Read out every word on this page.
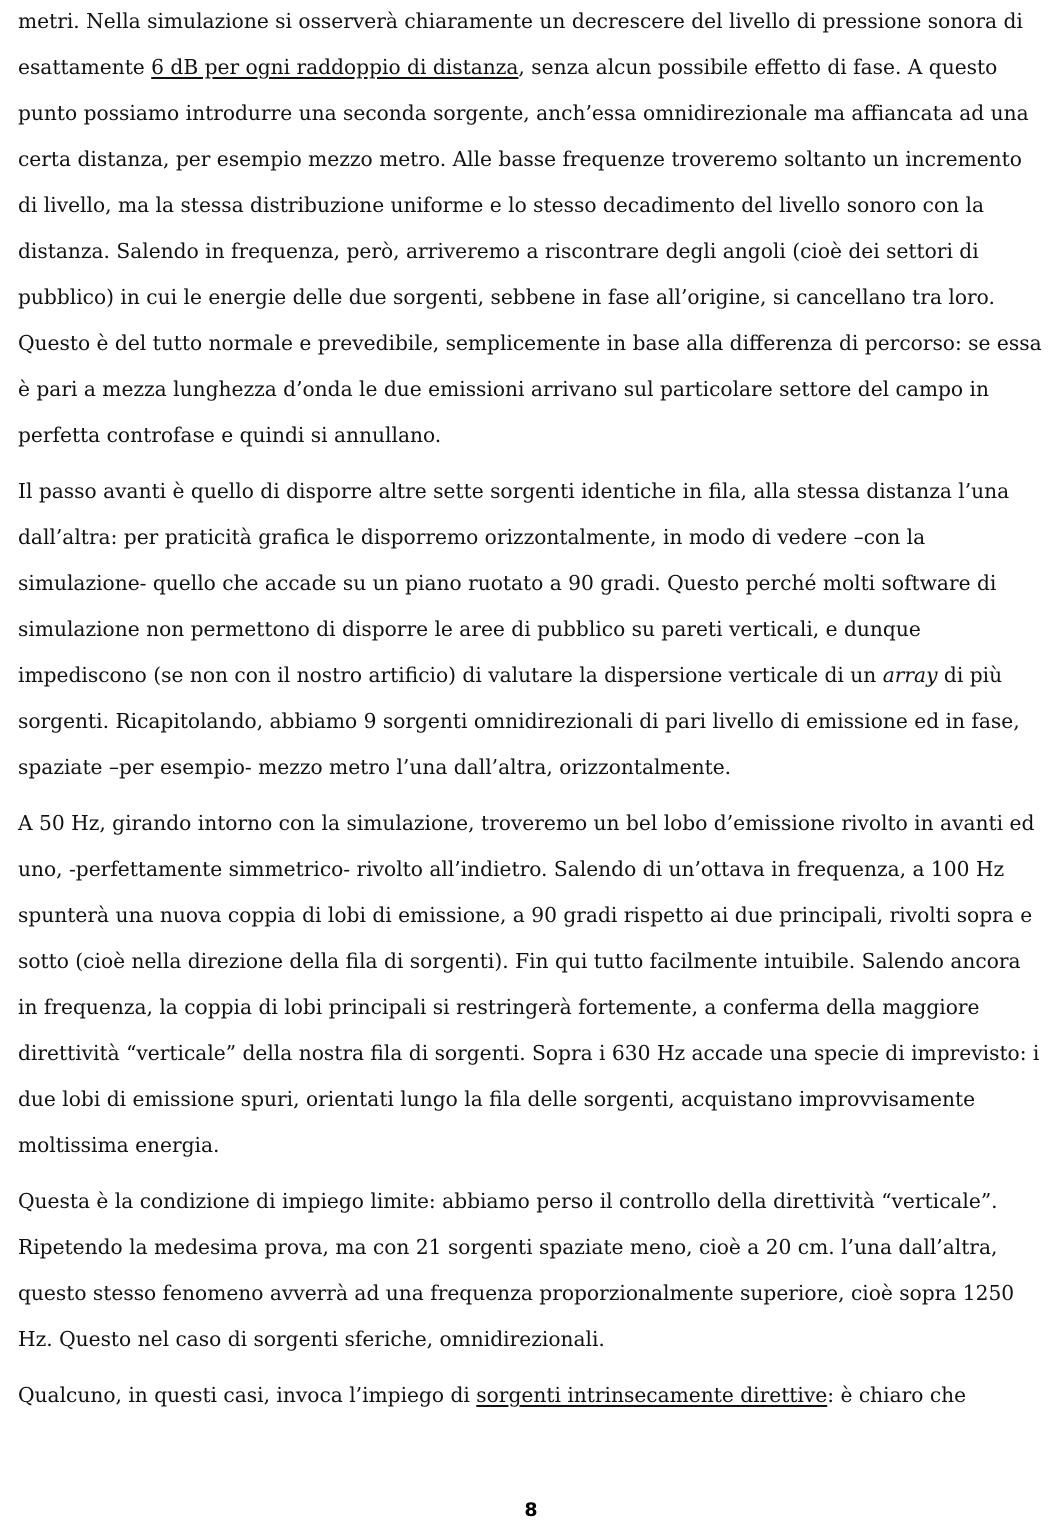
metri. Nella simulazione si osserverà chiaramente un decrescere del livello di pressione sonora di esattamente 6 dB per ogni raddoppio di distanza, senza alcun possibile effetto di fase. A questo punto possiamo introdurre una seconda sorgente, anch’essa omnidirezionale ma affiancata ad una certa distanza, per esempio mezzo metro. Alle basse frequenze troveremo soltanto un incremento di livello, ma la stessa distribuzione uniforme e lo stesso decadimento del livello sonoro con la distanza. Salendo in frequenza, però, arriveremo a riscontrare degli angoli (cioè dei settori di pubblico) in cui le energie delle due sorgenti, sebbene in fase all’origine, si cancellano tra loro. Questo è del tutto normale e prevedibile, semplicemente in base alla differenza di percorso: se essa è pari a mezza lunghezza d’onda le due emissioni arrivano sul particolare settore del campo in perfetta controfase e quindi si annullano.

Il passo avanti è quello di disporre altre sette sorgenti identiche in fila, alla stessa distanza l’una dall’altra: per praticità grafica le disporremo orizzontalmente, in modo di vedere –con la simulazione- quello che accade su un piano ruotato a 90 gradi. Questo perché molti software di simulazione non permettono di disporre le aree di pubblico su pareti verticali, e dunque impediscono (se non con il nostro artificio) di valutare la dispersione verticale di un array di più sorgenti. Ricapitolando, abbiamo 9 sorgenti omnidirezionali di pari livello di emissione ed in fase, spaziate –per esempio- mezzo metro l’una dall’altra, orizzontalmente.

A 50 Hz, girando intorno con la simulazione, troveremo un bel lobo d’emissione rivolto in avanti ed uno, -perfettamente simmetrico- rivolto all’indietro. Salendo di un’ottava in frequenza, a 100 Hz spunterà una nuova coppia di lobi di emissione, a 90 gradi rispetto ai due principali, rivolti sopra e sotto (cioè nella direzione della fila di sorgenti). Fin qui tutto facilmente intuibile. Salendo ancora in frequenza, la coppia di lobi principali si restringerà fortemente, a conferma della maggiore direttività “verticale” della nostra fila di sorgenti. Sopra i 630 Hz accade una specie di imprevisto: i due lobi di emissione spuri, orientati lungo la fila delle sorgenti, acquistano improvvisamente moltissima energia.

Questa è la condizione di impiego limite: abbiamo perso il controllo della direttività “verticale”. Ripetendo la medesima prova, ma con 21 sorgenti spaziate meno, cioè a 20 cm. l’una dall’altra, questo stesso fenomeno avverrà ad una frequenza proporzionalmente superiore, cioè sopra 1250 Hz. Questo nel caso di sorgenti sferiche, omnidirezionali.

Qualcuno, in questi casi, invoca l’impiego di sorgenti intrinsecamente direttive: è chiaro che

8
